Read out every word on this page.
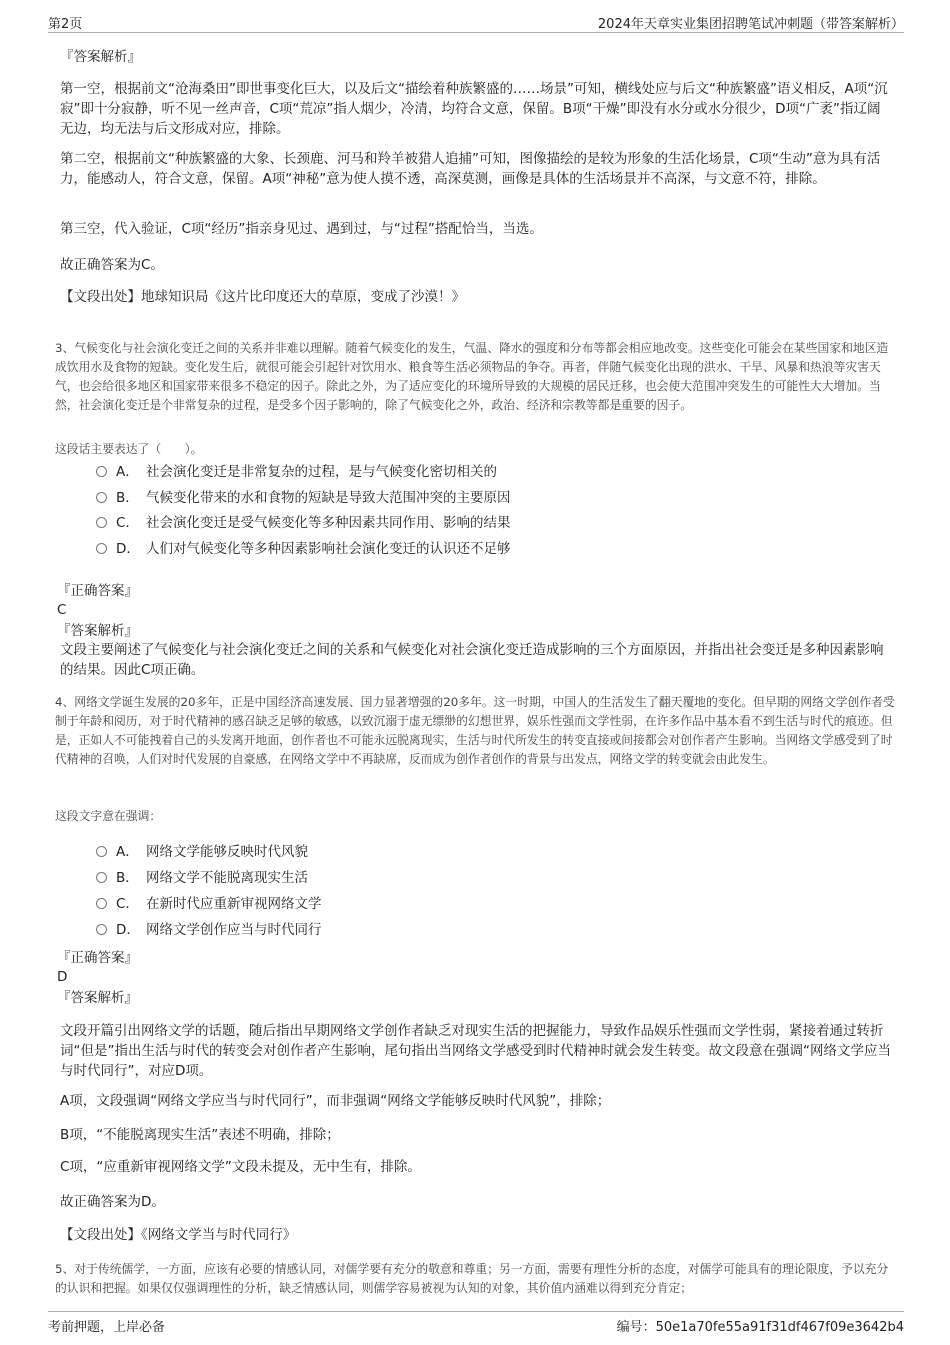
第2页	2024年天章实业集团招聘笔试冲刺题（带答案解析）
『答案解析』

第一空，根据前文“沧海桑田”即世事变化巨大，以及后文“描绘着种族繁盛的……场景”可知，横线处应与后文“种族繁盛”语义相反，A项“沉寂”即十分寂静，听不见一丝声音，C项“荒凉”指人烟少，冷清，均符合文意，保留。B项“干燥”即没有水分或水分很少，D项“广袤”指辽阔无边，均无法与后文形成对应，排除。

第二空，根据前文“种族繁盛的大象、长颈鹿、河马和羚羊被猎人追捕”可知，图像描绘的是较为形象的生活化场景，C项“生动”意为具有活力，能感动人，符合文意，保留。A项“神秘”意为使人摸不透，高深莫测，画像是具体的生活场景并不高深，与文意不符，排除。

第三空，代入验证，C项“经历”指亲身见过、遇到过，与“过程”搭配恰当，当选。

故正确答案为C。

【文段出处】地球知识局《这片比印度还大的草原，变成了沙漠！》

3、气候变化与社会演化变迁之间的关系并非难以理解。随着气候变化的发生，气温、降水的强度和分布等都会相应地改变。这些变化可能会在某些国家和地区造成饮用水及食物的短缺。变化发生后，就很可能会引起针对饮用水、粮食等生活必须物品的争夺。再者，伴随气候变化出现的洪水、干旱、风暴和热浪等灾害天气，也会给很多地区和国家带来很多不稳定的因子。除此之外，为了适应变化的环境所导致的大规模的居民迁移，也会使大范围冲突发生的可能性大大增加。当然，社会演化变迁是个非常复杂的过程，是受多个因子影响的，除了气候变化之外，政治、经济和宗教等都是重要的因子。

这段话主要表达了（　　）。

A． 社会演化变迁是非常复杂的过程，是与气候变化密切相关的
B． 气候变化带来的水和食物的短缺是导致大范围冲突的主要原因
C． 社会演化变迁是受气候变化等多种因素共同作用、影响的结果
D． 人们对气候变化等多种因素影响社会演化变迁的认识还不足够
『正确答案』
C
『答案解析』

文段主要阐述了气候变化与社会演化变迁之间的关系和气候变化对社会演化变迁造成影响的三个方面原因，并指出社会变迁是多种因素影响的结果。因此C项正确。

4、网络文学诞生发展的20多年，正是中国经济高速发展、国力显著增强的20多年。这一时期，中国人的生活发生了翻天覆地的变化。但早期的网络文学创作者受制于年龄和阅历，对于时代精神的感召缺乏足够的敏感，以致沉溺于虚无缥缈的幻想世界，娱乐性强而文学性弱，在许多作品中基本看不到生活与时代的痕迹。但是，正如人不可能拽着自己的头发离开地面，创作者也不可能永远脱离现实，生活与时代所发生的转变直接或间接都会对创作者产生影响。当网络文学感受到了时代精神的召唤，人们对时代发展的自豪感，在网络文学中不再缺席，反而成为创作者创作的背景与出发点，网络文学的转变就会由此发生。

这段文字意在强调：

A． 网络文学能够反映时代风貌
B． 网络文学不能脱离现实生活
C． 在新时代应重新审视网络文学
D． 网络文学创作应当与时代同行
『正确答案』
D
『答案解析』

文段开篇引出网络文学的话题，随后指出早期网络文学创作者缺乏对现实生活的把握能力，导致作品娱乐性强而文学性弱，紧接着通过转折词“但是”指出生活与时代的转变会对创作者产生影响，尾句指出当网络文学感受到时代精神时就会发生转变。故文段意在强调“网络文学应当与时代同行”，对应D项。

A项，文段强调“网络文学应当与时代同行”，而非强调“网络文学能够反映时代风貌”，排除；

B项，“不能脱离现实生活”表述不明确，排除；

C项，“应重新审视网络文学”文段未提及，无中生有，排除。

故正确答案为D。

【文段出处】《网络文学当与时代同行》

5、对于传统儒学，一方面，应该有必要的情感认同，对儒学要有充分的敬意和尊重；另一方面，需要有理性分析的态度，对儒学可能具有的理论限度，予以充分的认识和把握。如果仅仅强调理性的分析，缺乏情感认同，则儒学容易被视为认知的对象，其价值内涵难以得到充分肯定；

考前押题，上岸必备	编号：50e1a70fe55a91f31df467f09e3642b4
